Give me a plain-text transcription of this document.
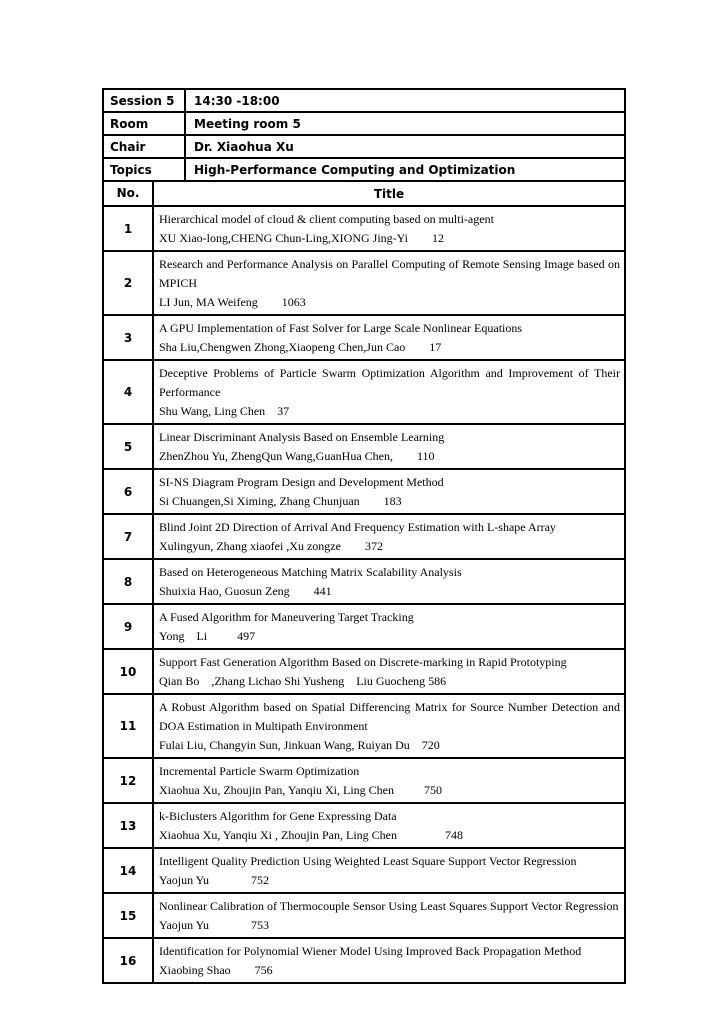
Session 5	14:30 -18:00
Room	Meeting room 5
Chair	Dr. Xiaohua Xu
Topics	High-Performance Computing and Optimization
No.	Title
1
Hierarchical model of cloud & client computing based on multi-agent
XU Xiao-long,CHENG Chun-Ling,XIONG Jing-Yi        12
2
Research and Performance Analysis on Parallel Computing of Remote Sensing Image based on MPICH
LI Jun, MA Weifeng        1063
3
A GPU Implementation of Fast Solver for Large Scale Nonlinear Equations
Sha Liu,Chengwen Zhong,Xiaopeng Chen,Jun Cao        17
4
Deceptive Problems of Particle Swarm Optimization Algorithm and Improvement of Their Performance
Shu Wang, Ling Chen    37
5
Linear Discriminant Analysis Based on Ensemble Learning
ZhenZhou Yu, ZhengQun Wang,GuanHua Chen,        110
6
SI-NS Diagram Program Design and Development Method
Si Chuangen,Si Ximing, Zhang Chunjuan        183
7
Blind Joint 2D Direction of Arrival And Frequency Estimation with L-shape Array
Xulingyun, Zhang xiaofei ,Xu zongze        372
8
Based on Heterogeneous Matching Matrix Scalability Analysis
Shuixia Hao, Guosun Zeng        441
9
A Fused Algorithm for Maneuvering Target Tracking
Yong    Li          497
10
Support Fast Generation Algorithm Based on Discrete-marking in Rapid Prototyping
Qian Bo    ,Zhang Lichao Shi Yusheng    Liu Guocheng 586
11
A Robust Algorithm based on Spatial Differencing Matrix for Source Number Detection and DOA Estimation in Multipath Environment
Fulai Liu, Changyin Sun, Jinkuan Wang, Ruiyan Du    720
12
Incremental Particle Swarm Optimization
Xiaohua Xu, Zhoujin Pan, Yanqiu Xi, Ling Chen          750
13
k-Biclusters Algorithm for Gene Expressing Data
Xiaohua Xu, Yanqiu Xi , Zhoujin Pan, Ling Chen                748
14
Intelligent Quality Prediction Using Weighted Least Square Support Vector Regression
Yaojun Yu              752
15
Nonlinear Calibration of Thermocouple Sensor Using Least Squares Support Vector Regression
Yaojun Yu              753
16
Identification for Polynomial Wiener Model Using Improved Back Propagation Method
Xiaobing Shao        756
